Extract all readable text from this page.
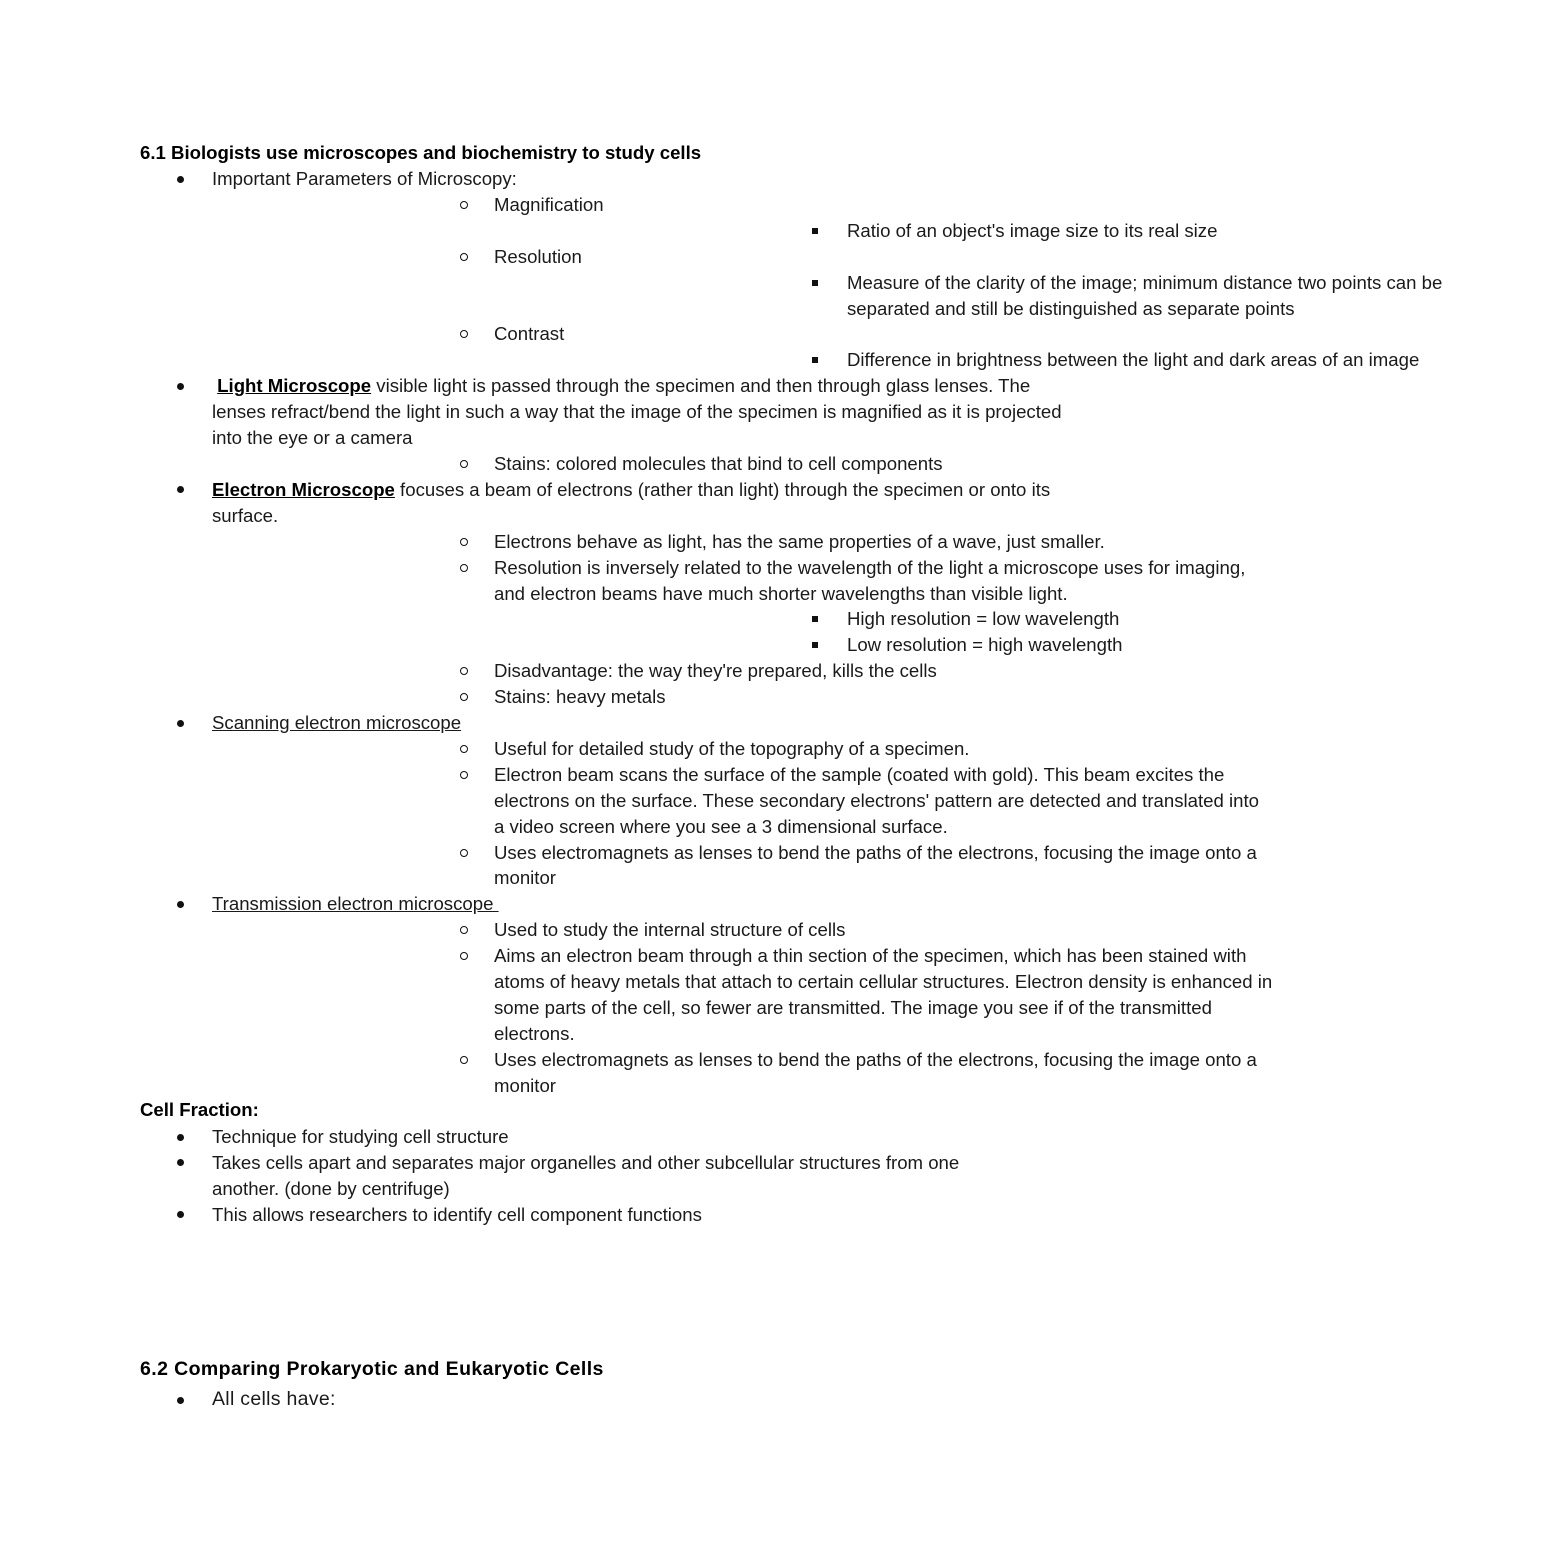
6.1 Biologists use microscopes and biochemistry to study cells
Important Parameters of Microscopy:
Magnification
Ratio of an object's image size to its real size
Resolution
Measure of the clarity of the image; minimum distance two points can be separated and still be distinguished as separate points
Contrast
Difference in brightness between the light and dark areas of an image
Light Microscope visible light is passed through the specimen and then through glass lenses. The lenses refract/bend the light in such a way that the image of the specimen is magnified as it is projected into the eye or a camera
Stains: colored molecules that bind to cell components
Electron Microscope focuses a beam of electrons (rather than light) through the specimen or onto its surface.
Electrons behave as light, has the same properties of a wave, just smaller.
Resolution is inversely related to the wavelength of the light a microscope uses for imaging, and electron beams have much shorter wavelengths than visible light.
High resolution = low wavelength
Low resolution = high wavelength
Disadvantage: the way they're prepared, kills the cells
Stains: heavy metals
Scanning electron microscope
Useful for detailed study of the topography of a specimen.
Electron beam scans the surface of the sample (coated with gold). This beam excites the electrons on the surface. These secondary electrons' pattern are detected and translated into a video screen where you see a 3 dimensional surface.
Uses electromagnets as lenses to bend the paths of the electrons, focusing the image onto a monitor
Transmission electron microscope
Used to study the internal structure of cells
Aims an electron beam through a thin section of the specimen, which has been stained with atoms of heavy metals that attach to certain cellular structures. Electron density is enhanced in some parts of the cell, so fewer are transmitted. The image you see if of the transmitted electrons.
Uses electromagnets as lenses to bend the paths of the electrons, focusing the image onto a monitor
Cell Fraction:
Technique for studying cell structure
Takes cells apart and separates major organelles and other subcellular structures from one another. (done by centrifuge)
This allows researchers to identify cell component functions
6.2 Comparing Prokaryotic and Eukaryotic Cells
All cells have:
